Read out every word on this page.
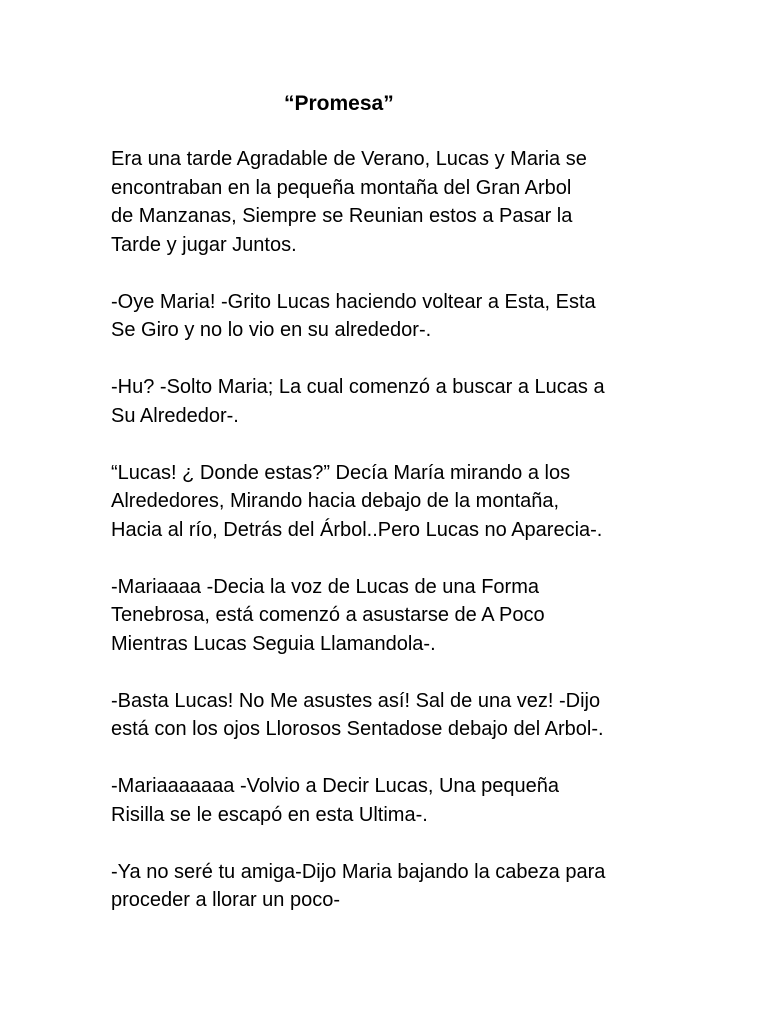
“Promesa”

Era una tarde Agradable de Verano, Lucas y Maria se
encontraban en la pequeña montaña del Gran Arbol
de Manzanas, Siempre se Reunian estos a Pasar la
Tarde y jugar Juntos.

-Oye Maria! -Grito Lucas haciendo voltear a Esta, Esta
Se Giro y no lo vio en su alrededor-.

-Hu? -Solto Maria; La cual comenzó a buscar a Lucas a
Su Alrededor-.

“Lucas! ¿ Donde estas?” Decía María mirando a los
Alrededores, Mirando hacia debajo de la montaña,
Hacia al río, Detrás del Árbol..Pero Lucas no Aparecia-.

-Mariaaaa -Decia la voz de Lucas de una Forma
Tenebrosa, está comenzó a asustarse de A Poco
Mientras Lucas Seguia Llamandola-.

-Basta Lucas! No Me asustes así! Sal de una vez! -Dijo
está con los ojos Llorosos Sentadose debajo del Arbol-.

-Mariaaaaaaa -Volvio a Decir Lucas, Una pequeña
Risilla se le escapó en esta Ultima-.

-Ya no seré tu amiga-Dijo Maria bajando la cabeza para
proceder a llorar un poco-
